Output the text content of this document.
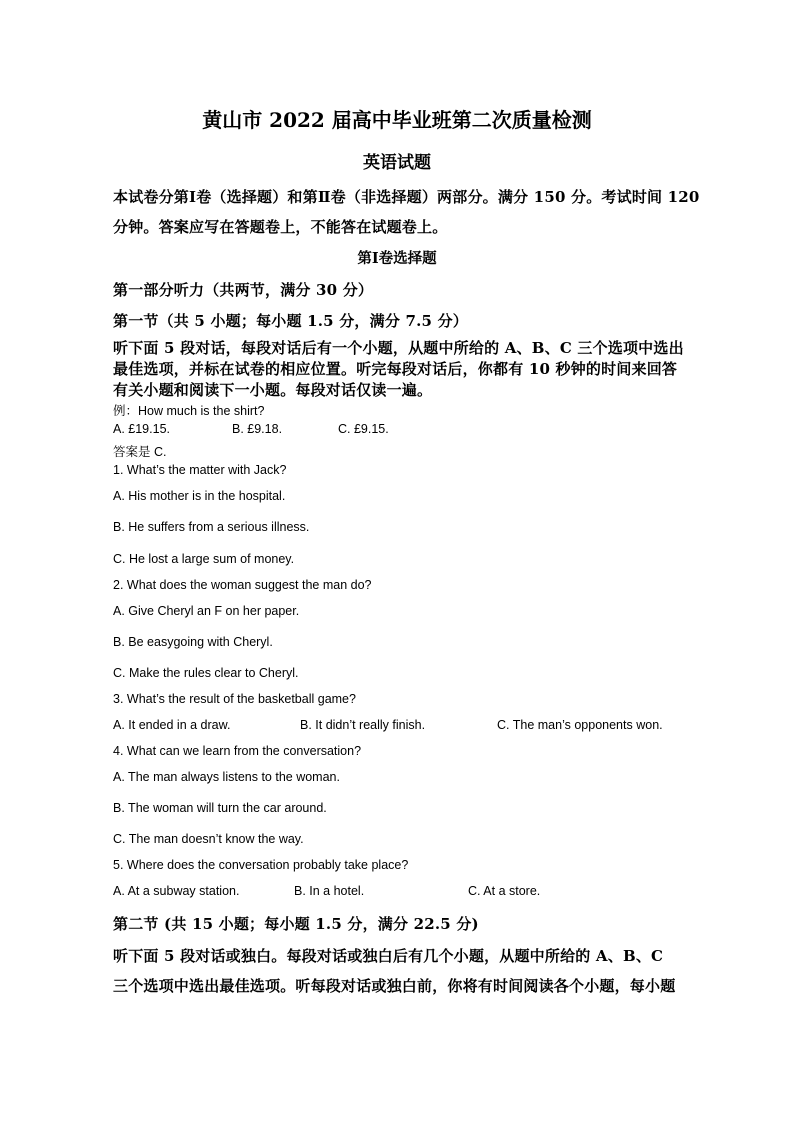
黄山市 2022 届高中毕业班第二次质量检测
英语试题
本试卷分第Ⅰ卷（选择题）和第Ⅱ卷（非选择题）两部分。满分 150 分。考试时间 120
分钟。答案应写在答题卷上，不能答在试题卷上。
第Ⅰ卷选择题
第一部分听力（共两节，满分 30 分）
第一节（共 5 小题；每小题 1.5 分，满分 7.5 分）
听下面 5 段对话，每段对话后有一个小题，从题中所给的 A、B、C 三个选项中选出
最佳选项，并标在试卷的相应位置。听完每段对话后，你都有 10 秒钟的时间来回答
有关小题和阅读下一小题。每段对话仅读一遍。
例：How much is the shirt?
A. £19.15.	B. £9.18.	C. £9.15.
答案是 C.
1. What’s the matter with Jack?
A. His mother is in the hospital.
B. He suffers from a serious illness.
C. He lost a large sum of money.
2. What does the woman suggest the man do?
A. Give Cheryl an F on her paper.
B. Be easygoing with Cheryl.
C. Make the rules clear to Cheryl.
3. What’s the result of the basketball game?
A. It ended in a draw.	B. It didn’t really finish.	C. The man’s opponents won.
4. What can we learn from the conversation?
A. The man always listens to the woman.
B. The woman will turn the car around.
C. The man doesn’t know the way.
5. Where does the conversation probably take place?
A. At a subway station.	B. In a hotel.	C. At a store.
第二节 (共 15 小题；每小题 1.5 分，满分 22.5 分)
听下面 5 段对话或独白。每段对话或独白后有几个小题，从题中所给的 A、B、C
三个选项中选出最佳选项。听每段对话或独白前，你将有时间阅读各个小题，每小题
